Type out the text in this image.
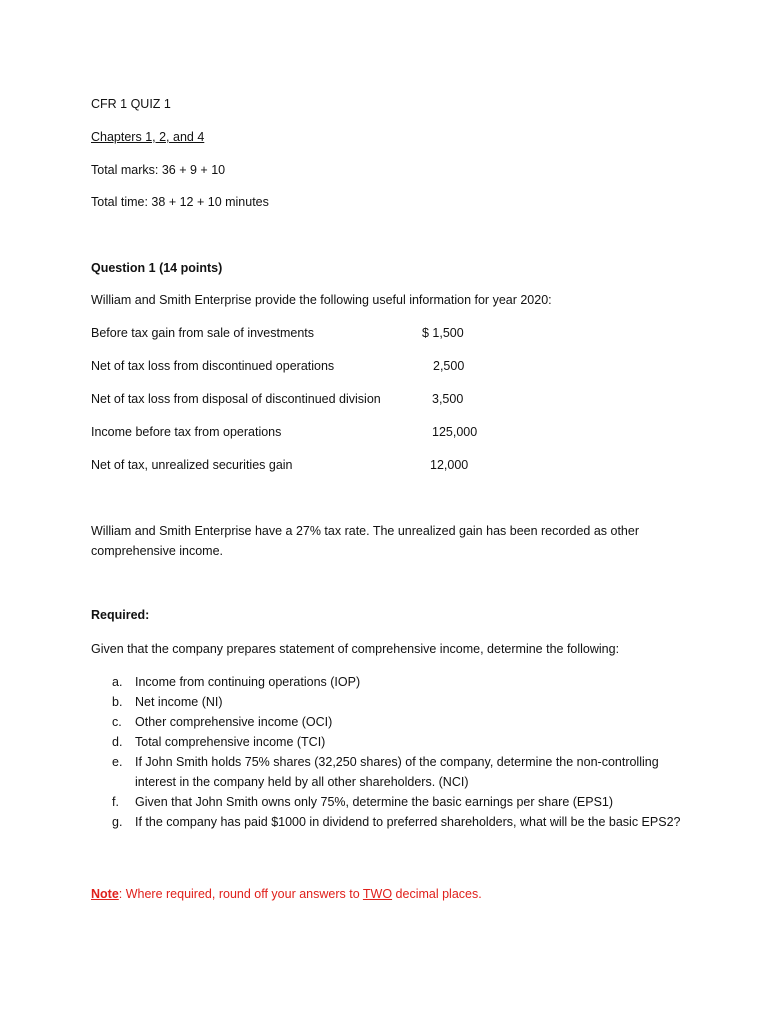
CFR 1 QUIZ 1
Chapters 1, 2, and 4
Total marks: 36 + 9 + 10
Total time: 38 + 12 + 10 minutes
Question 1 (14 points)
William and Smith Enterprise provide the following useful information for year 2020:
Before tax gain from sale of investments	$ 1,500
Net of tax loss from discontinued operations	2,500
Net of tax loss from disposal of discontinued division	3,500
Income before tax from operations	125,000
Net of tax, unrealized securities gain	12,000
William and Smith Enterprise have a 27% tax rate. The unrealized gain has been recorded as other comprehensive income.
Required:
Given that the company prepares statement of comprehensive income, determine the following:
a. Income from continuing operations (IOP)
b. Net income (NI)
c. Other comprehensive income (OCI)
d. Total comprehensive income (TCI)
e. If John Smith holds 75% shares (32,250 shares) of the company, determine the non-controlling interest in the company held by all other shareholders. (NCI)
f. Given that John Smith owns only 75%, determine the basic earnings per share (EPS1)
g. If the company has paid $1000 in dividend to preferred shareholders, what will be the basic EPS2?
Note: Where required, round off your answers to TWO decimal places.
